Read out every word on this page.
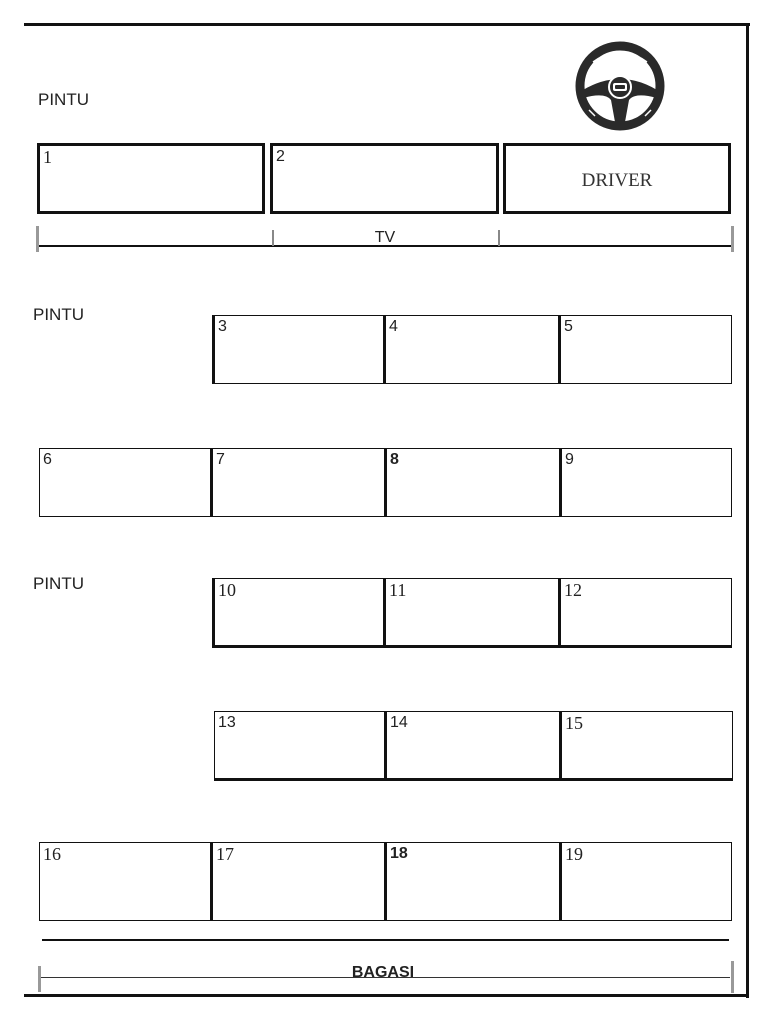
PINTU
1	2
DRIVER
TV
PINTU
3	4	5
6	7	8	9
PINTU	10	11	12
13	14	15
16	17	18	19
BAGASI
